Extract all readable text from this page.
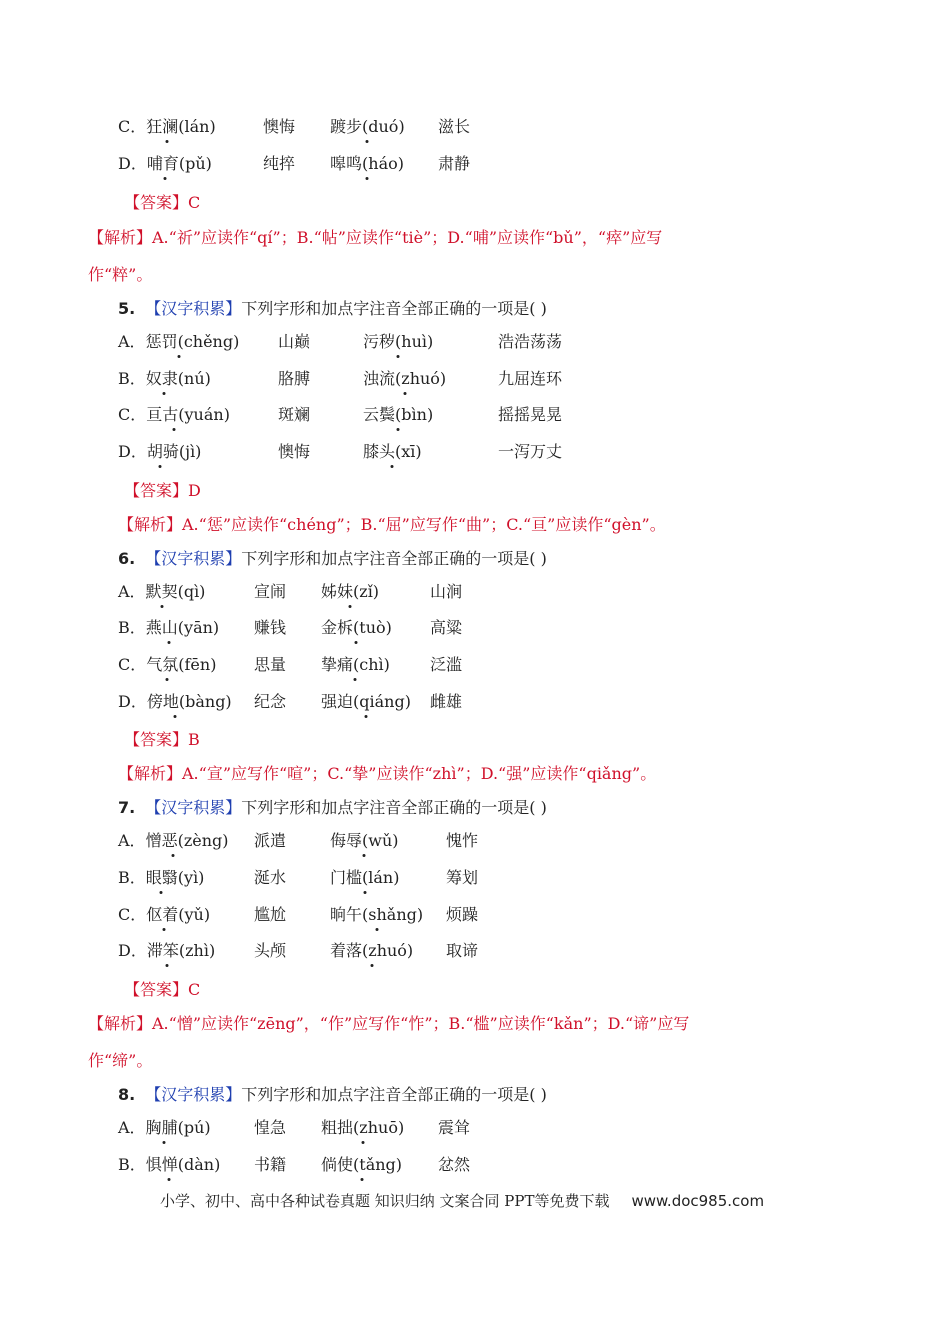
C．狂澜(lán)	懊悔 踱步(duó) 滋长
D．哺育(pǔ)	纯捽 嗥鸣(háo) 肃静
【答案】C
【解析】A.“祈”应读作“qí”；B.“帖”应读作“tiè”；D.“哺”应读作“bǔ”，“瘁”应写
作“粹”。
5. 【汉字积累】下列字形和加点字注音全部正确的一项是( )
A．惩罚(chěng) 山巅	污秽(huì)	浩浩荡荡
B．奴隶(nú)	胳膊	浊流(zhuó)	九屈连环
C．亘古(yuán)	斑斓	云鬓(bìn)	摇摇晃晃
D．胡骑(jì)	懊悔	膝头(xī)	一泻万丈
【答案】D
【解析】A.“惩”应读作“chéng”；B.“屈”应写作“曲”；C.“亘”应读作“gèn”。
6. 【汉字积累】下列字形和加点字注音全部正确的一项是( )
A．默契(qì)	宣闹 姊妹(zǐ)	山涧
B．燕山(yān) 赚钱 金柝(tuò) 高粱
C．气氛(fēn) 思量 挚痛(chì)	泛滥
D．傍地(bàng) 纪念 强迫(qiáng) 雌雄
【答案】B
【解析】A.“宣”应写作“喧”；C.“挚”应读作“zhì”；D.“强”应读作“qiǎng”。
7. 【汉字积累】下列字形和加点字注音全部正确的一项是( )
A．憎恶(zèng) 派遣	侮辱(wǔ)	愧怍
B．眼翳(yì)	涎水	门槛(lán)	筹划
C．伛着(yǔ)	尴尬	晌午(shǎng) 烦躁
D．滞笨(zhì) 头颅	着落(zhuó) 取谛
【答案】C
【解析】A.“憎”应读作“zēng”，“作”应写作“怍”；B.“槛”应读作“kǎn”；D.“谛”应写
作“缔”。
8. 【汉字积累】下列字形和加点字注音全部正确的一项是( )
A．胸脯(pú)	惶急 粗拙(zhuō) 震耸
B．惧惮(dàn) 书籍 倘使(tǎng) 忿然
小学、初中、高中各种试卷真题 知识归纳 文案合同 PPT等免费下载 www.doc985.com
